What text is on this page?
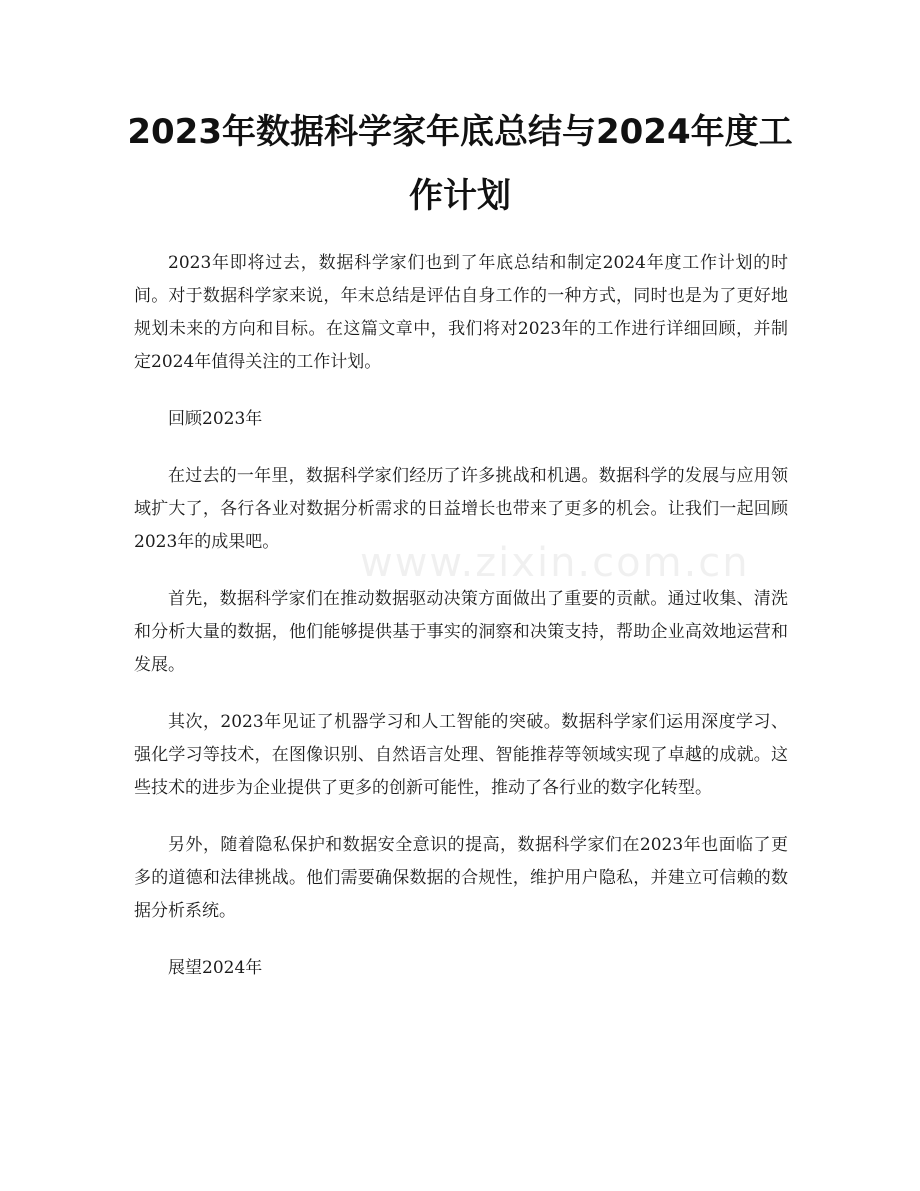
2023年数据科学家年底总结与2024年度工作计划
www.zixin.com.cn

2023年即将过去，数据科学家们也到了年底总结和制定2024年度工作计划的时间。对于数据科学家来说，年末总结是评估自身工作的一种方式，同时也是为了更好地规划未来的方向和目标。在这篇文章中，我们将对2023年的工作进行详细回顾，并制定2024年值得关注的工作计划。

回顾2023年

在过去的一年里，数据科学家们经历了许多挑战和机遇。数据科学的发展与应用领域扩大了，各行各业对数据分析需求的日益增长也带来了更多的机会。让我们一起回顾2023年的成果吧。

首先，数据科学家们在推动数据驱动决策方面做出了重要的贡献。通过收集、清洗和分析大量的数据，他们能够提供基于事实的洞察和决策支持，帮助企业高效地运营和发展。

其次，2023年见证了机器学习和人工智能的突破。数据科学家们运用深度学习、强化学习等技术，在图像识别、自然语言处理、智能推荐等领域实现了卓越的成就。这些技术的进步为企业提供了更多的创新可能性，推动了各行业的数字化转型。

另外，随着隐私保护和数据安全意识的提高，数据科学家们在2023年也面临了更多的道德和法律挑战。他们需要确保数据的合规性，维护用户隐私，并建立可信赖的数据分析系统。

展望2024年
